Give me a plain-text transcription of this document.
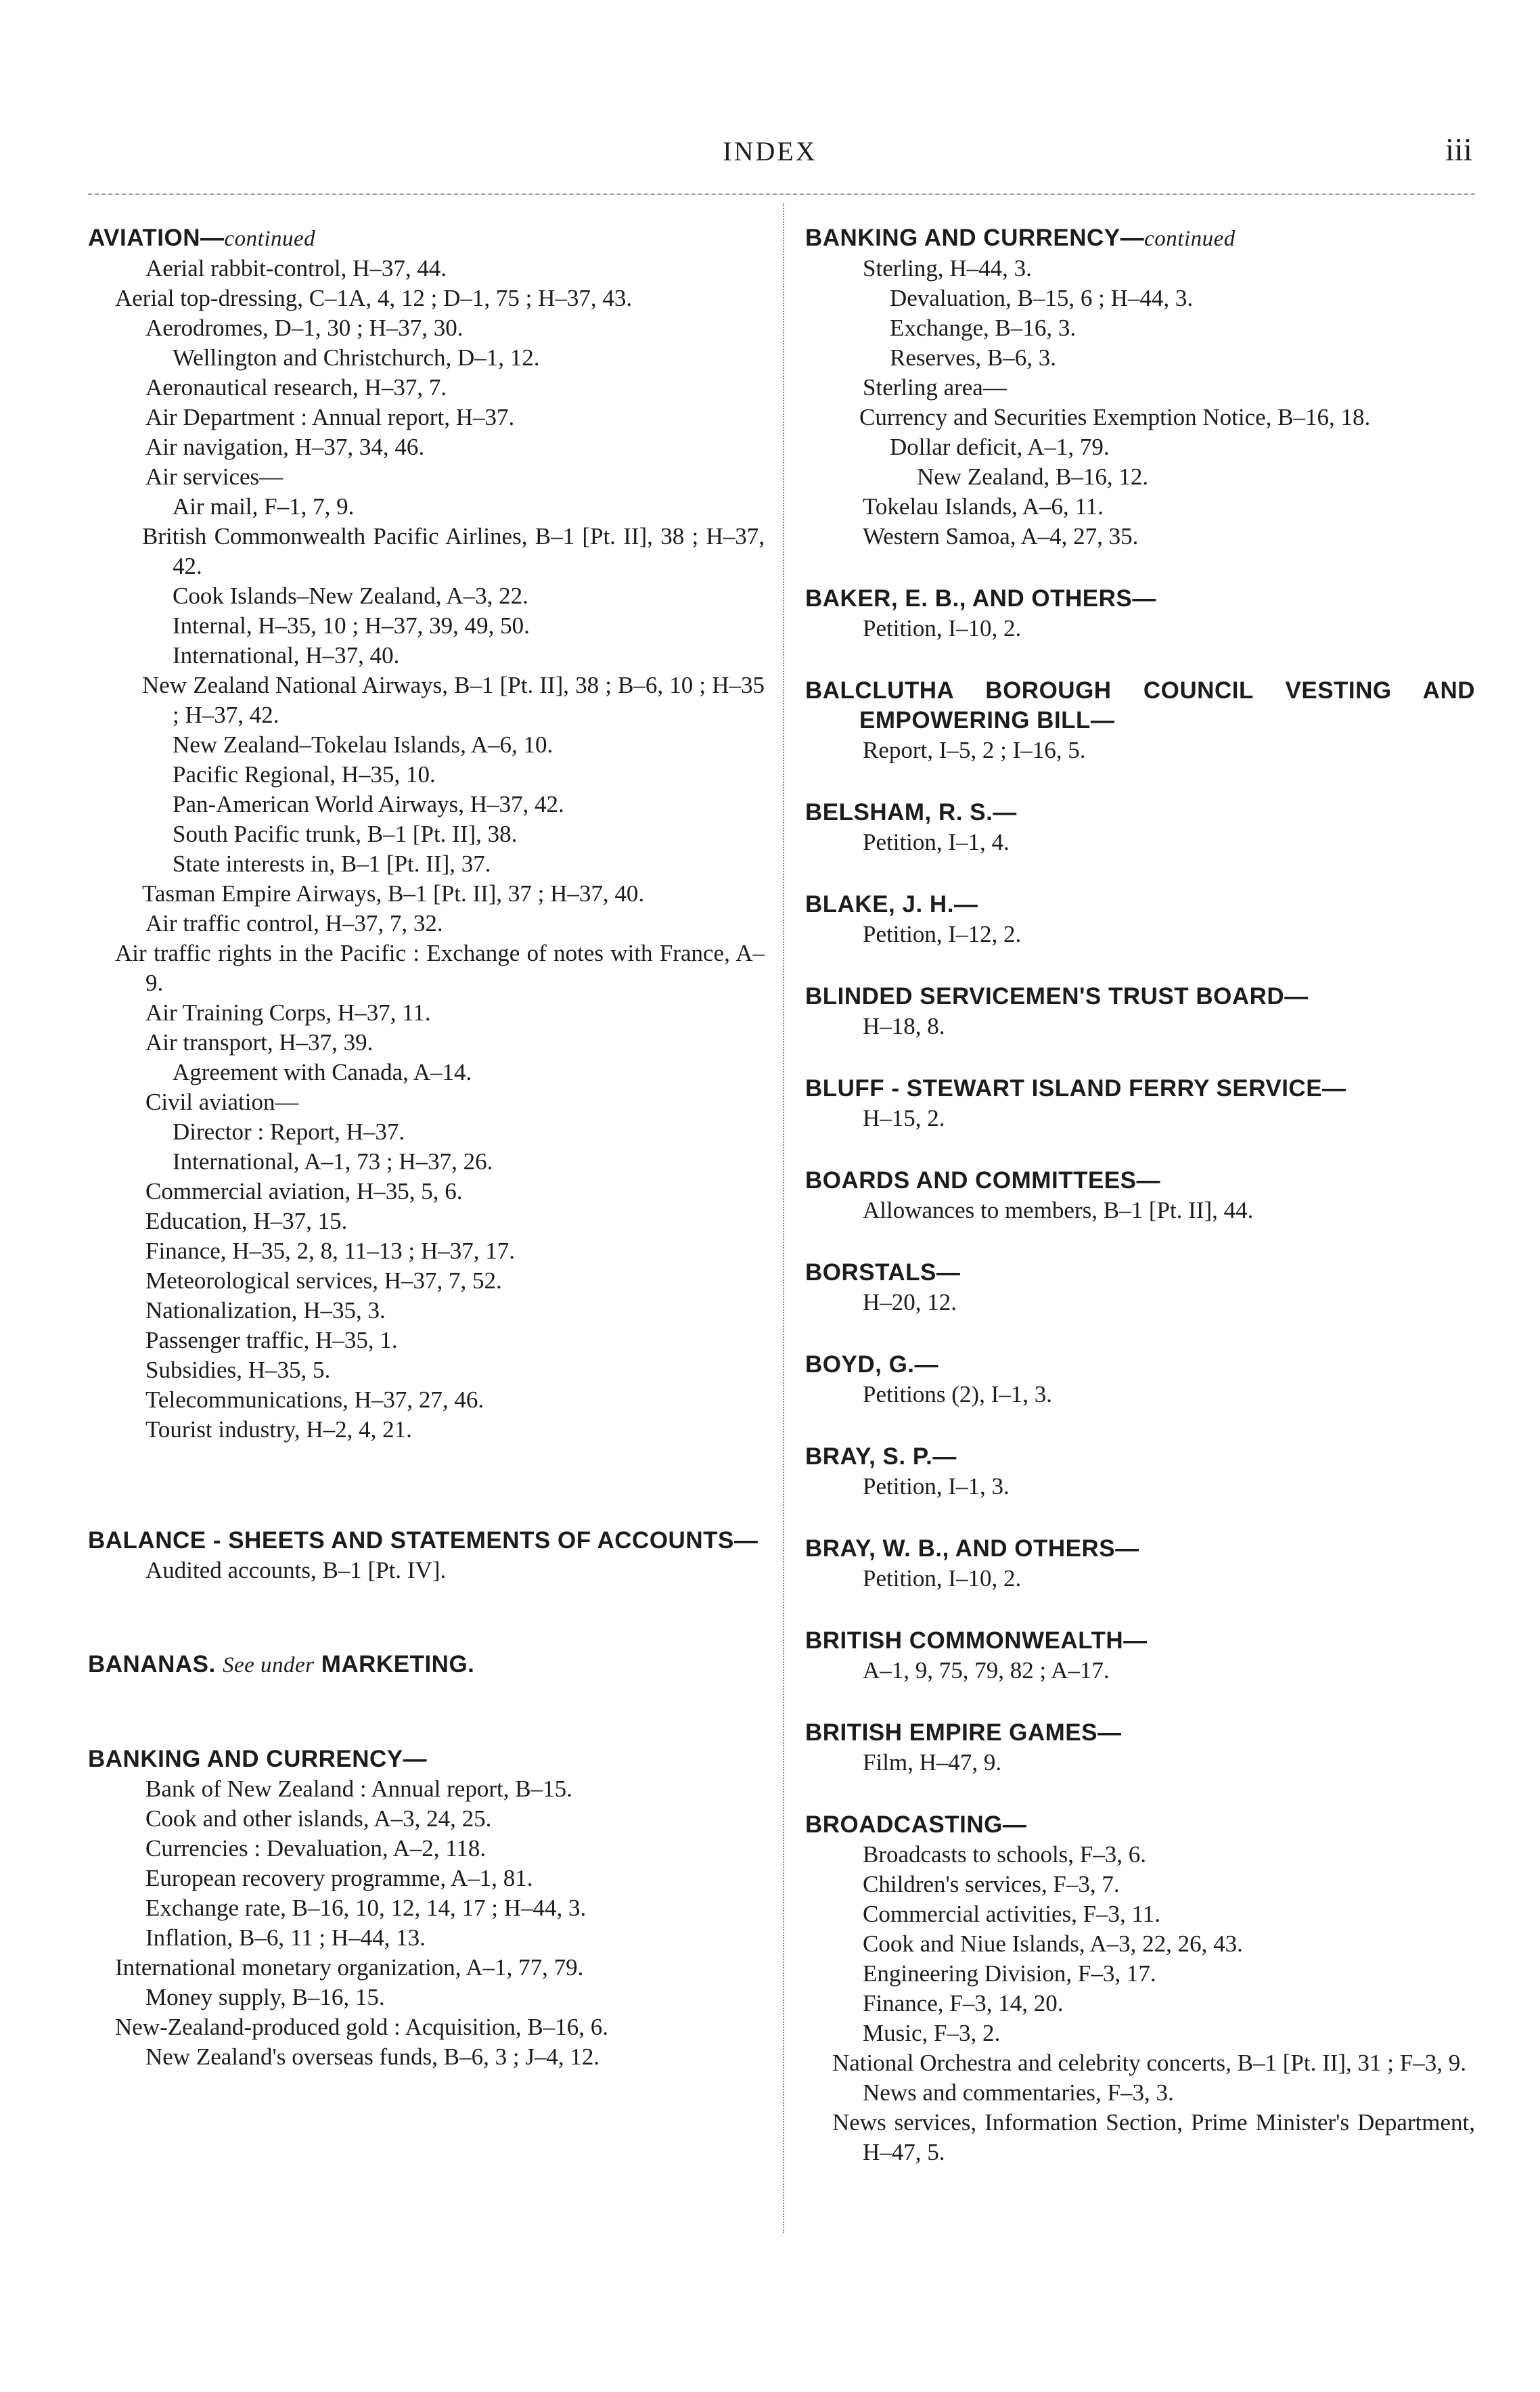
INDEX	iii
AVIATION—continued
Aerial rabbit-control, H–37, 44.
Aerial top-dressing, C–1A, 4, 12 ; D–1, 75 ; H–37, 43.
Aerodromes, D–1, 30 ; H–37, 30.
Wellington and Christchurch, D–1, 12.
Aeronautical research, H–37, 7.
Air Department : Annual report, H–37.
Air navigation, H–37, 34, 46.
Air services—
Air mail, F–1, 7, 9.
British Commonwealth Pacific Airlines, B–1 [Pt. II], 38 ; H–37, 42.
Cook Islands–New Zealand, A–3, 22.
Internal, H–35, 10 ; H–37, 39, 49, 50.
International, H–37, 40.
New Zealand National Airways, B–1 [Pt. II], 38 ; B–6, 10 ; H–35 ; H–37, 42.
New Zealand–Tokelau Islands, A–6, 10.
Pacific Regional, H–35, 10.
Pan-American World Airways, H–37, 42.
South Pacific trunk, B–1 [Pt. II], 38.
State interests in, B–1 [Pt. II], 37.
Tasman Empire Airways, B–1 [Pt. II], 37 ; H–37, 40.
Air traffic control, H–37, 7, 32.
Air traffic rights in the Pacific : Exchange of notes with France, A–9.
Air Training Corps, H–37, 11.
Air transport, H–37, 39.
Agreement with Canada, A–14.
Civil aviation—
Director : Report, H–37.
International, A–1, 73 ; H–37, 26.
Commercial aviation, H–35, 5, 6.
Education, H–37, 15.
Finance, H–35, 2, 8, 11–13 ; H–37, 17.
Meteorological services, H–37, 7, 52.
Nationalization, H–35, 3.
Passenger traffic, H–35, 1.
Subsidies, H–35, 5.
Telecommunications, H–37, 27, 46.
Tourist industry, H–2, 4, 21.
BALANCE - SHEETS AND STATEMENTS OF ACCOUNTS—
Audited accounts, B–1 [Pt. IV].
BANANAS. See under MARKETING.
BANKING AND CURRENCY—
Bank of New Zealand : Annual report, B–15.
Cook and other islands, A–3, 24, 25.
Currencies : Devaluation, A–2, 118.
European recovery programme, A–1, 81.
Exchange rate, B–16, 10, 12, 14, 17 ; H–44, 3.
Inflation, B–6, 11 ; H–44, 13.
International monetary organization, A–1, 77, 79.
Money supply, B–16, 15.
New-Zealand-produced gold : Acquisition, B–16, 6.
New Zealand's overseas funds, B–6, 3 ; J–4, 12.
BANKING AND CURRENCY—continued
Sterling, H–44, 3.
Devaluation, B–15, 6 ; H–44, 3.
Exchange, B–16, 3.
Reserves, B–6, 3.
Sterling area—
Currency and Securities Exemption Notice, B–16, 18.
Dollar deficit, A–1, 79.
New Zealand, B–16, 12.
Tokelau Islands, A–6, 11.
Western Samoa, A–4, 27, 35.
BAKER, E. B., AND OTHERS—
Petition, I–10, 2.
BALCLUTHA BOROUGH COUNCIL VESTING AND EMPOWERING BILL—
Report, I–5, 2 ; I–16, 5.
BELSHAM, R. S.—
Petition, I–1, 4.
BLAKE, J. H.—
Petition, I–12, 2.
BLINDED SERVICEMEN'S TRUST BOARD—
H–18, 8.
BLUFF - STEWART ISLAND FERRY SERVICE—
H–15, 2.
BOARDS AND COMMITTEES—
Allowances to members, B–1 [Pt. II], 44.
BORSTALS—
H–20, 12.
BOYD, G.—
Petitions (2), I–1, 3.
BRAY, S. P.—
Petition, I–1, 3.
BRAY, W. B., AND OTHERS—
Petition, I–10, 2.
BRITISH COMMONWEALTH—
A–1, 9, 75, 79, 82 ; A–17.
BRITISH EMPIRE GAMES—
Film, H–47, 9.
BROADCASTING—
Broadcasts to schools, F–3, 6.
Children's services, F–3, 7.
Commercial activities, F–3, 11.
Cook and Niue Islands, A–3, 22, 26, 43.
Engineering Division, F–3, 17.
Finance, F–3, 14, 20.
Music, F–3, 2.
National Orchestra and celebrity concerts, B–1 [Pt. II], 31 ; F–3, 9.
News and commentaries, F–3, 3.
News services, Information Section, Prime Minister's Department, H–47, 5.
